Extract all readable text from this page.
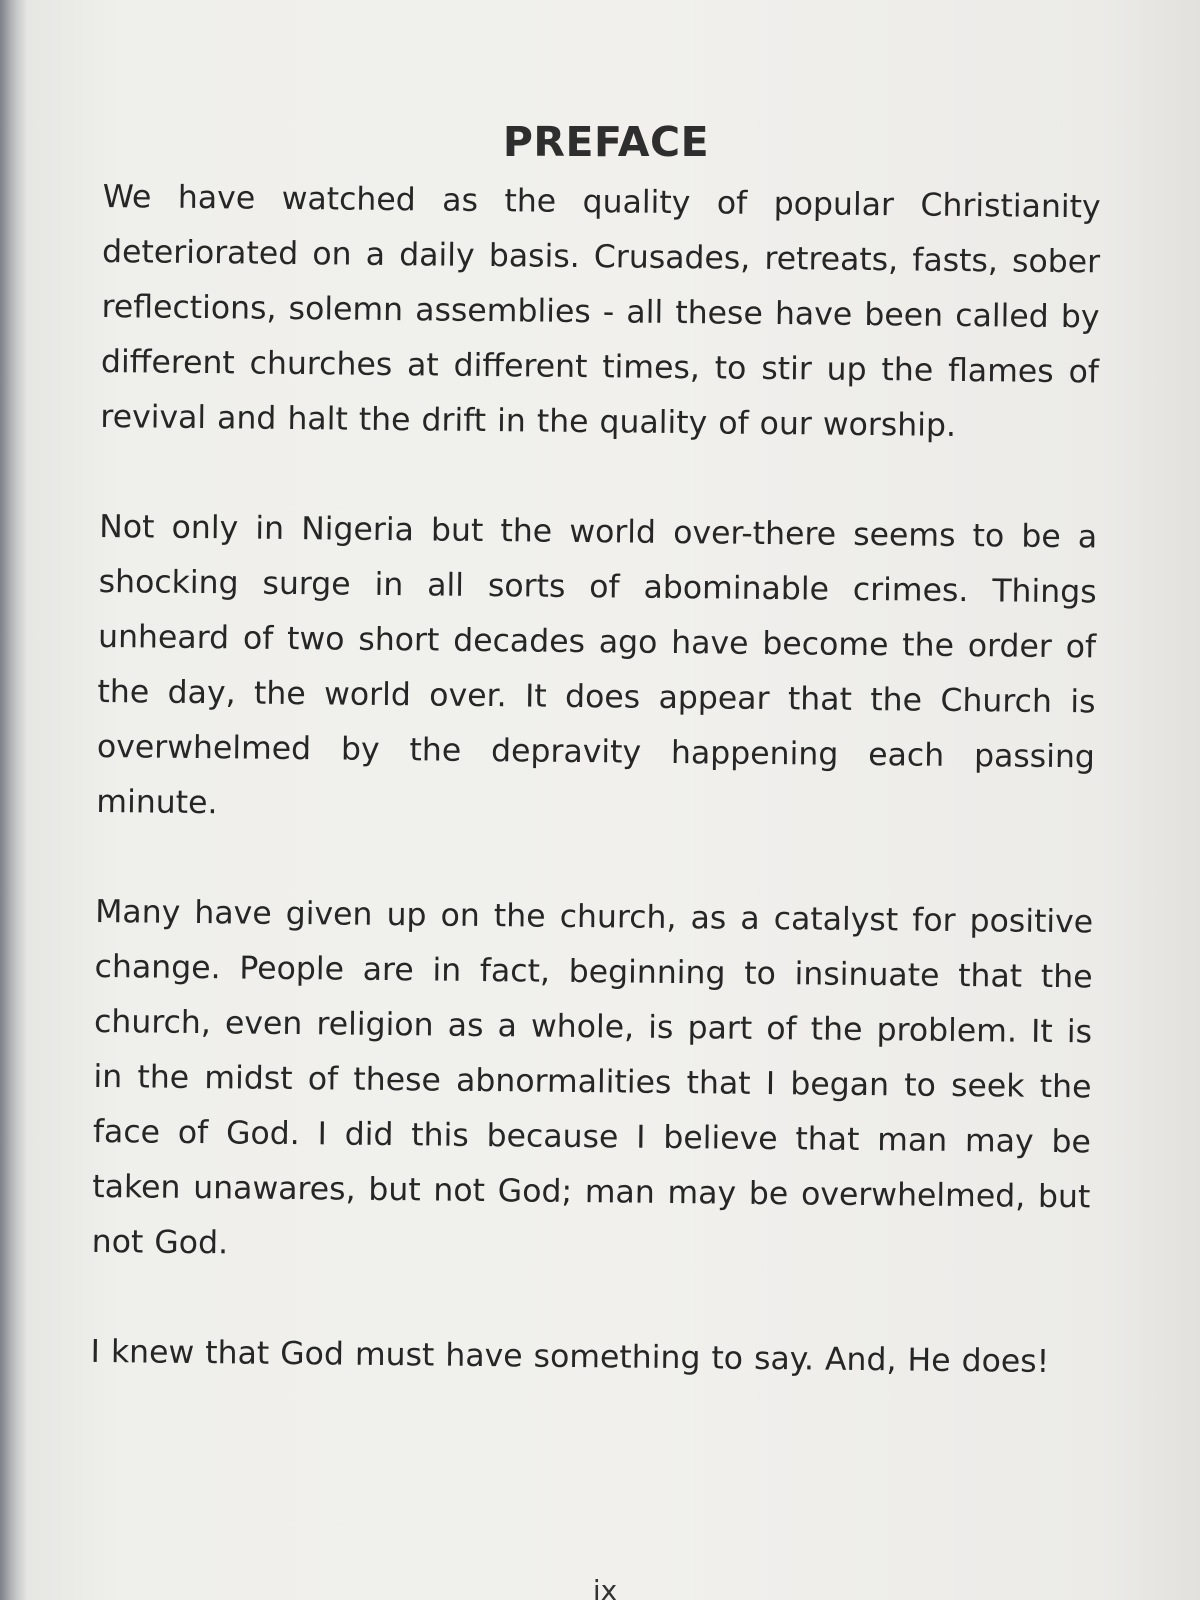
PREFACE

We have watched as the quality of popular Christianity deteriorated on a daily basis. Crusades, retreats, fasts, sober reflections, solemn assemblies - all these have been called by different churches at different times, to stir up the flames of revival and halt the drift in the quality of our worship.

Not only in Nigeria but the world over-there seems to be a shocking surge in all sorts of abominable crimes. Things unheard of two short decades ago have become the order of the day, the world over. It does appear that the Church is overwhelmed by the depravity happening each passing minute.

Many have given up on the church, as a catalyst for positive change. People are in fact, beginning to insinuate that the church, even religion as a whole, is part of the problem. It is in the midst of these abnormalities that I began to seek the face of God. I did this because I believe that man may be taken unawares, but not God; man may be overwhelmed, but not God.

I knew that God must have something to say. And, He does!

ix
